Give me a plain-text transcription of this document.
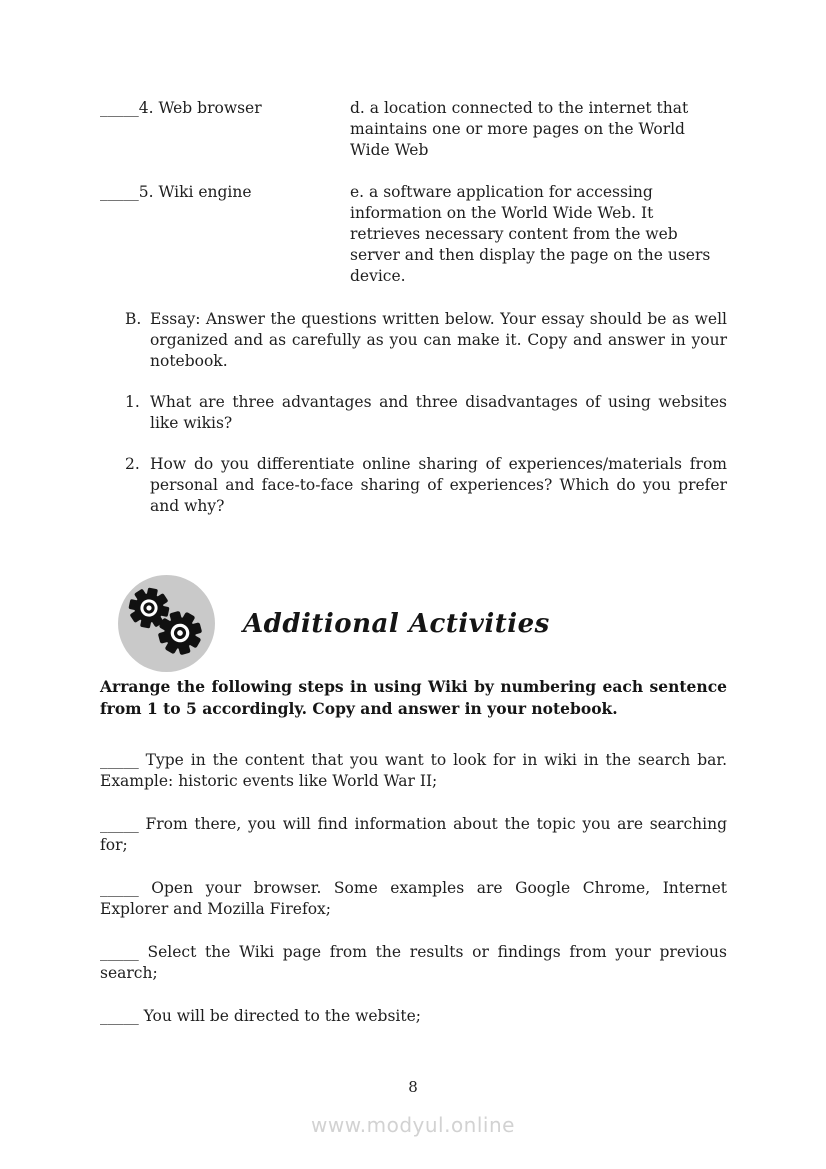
_____4. Web browser	d. a location connected to the internet that maintains one or more pages on the World Wide Web
_____5. Wiki engine	e. a software application for accessing information on the World Wide Web. It retrieves necessary content from the web server and then display the page on the users device.
B. Essay: Answer the questions written below. Your essay should be as well organized and as carefully as you can make it. Copy and answer in your notebook.
1. What are three advantages and three disadvantages of using websites like wikis?
2. How do you differentiate online sharing of experiences/materials from personal and face-to-face sharing of experiences? Which do you prefer and why?
Additional Activities

Arrange the following steps in using Wiki by numbering each sentence from 1 to 5 accordingly. Copy and answer in your notebook.

_____ Type in the content that you want to look for in wiki in the search bar. Example: historic events like World War II;

_____ From there, you will find information about the topic you are searching for;

_____ Open your browser. Some examples are Google Chrome, Internet Explorer and Mozilla Firefox;

_____ Select the Wiki page from the results or findings from your previous search;

_____ You will be directed to the website;

8
www.modyul.online
